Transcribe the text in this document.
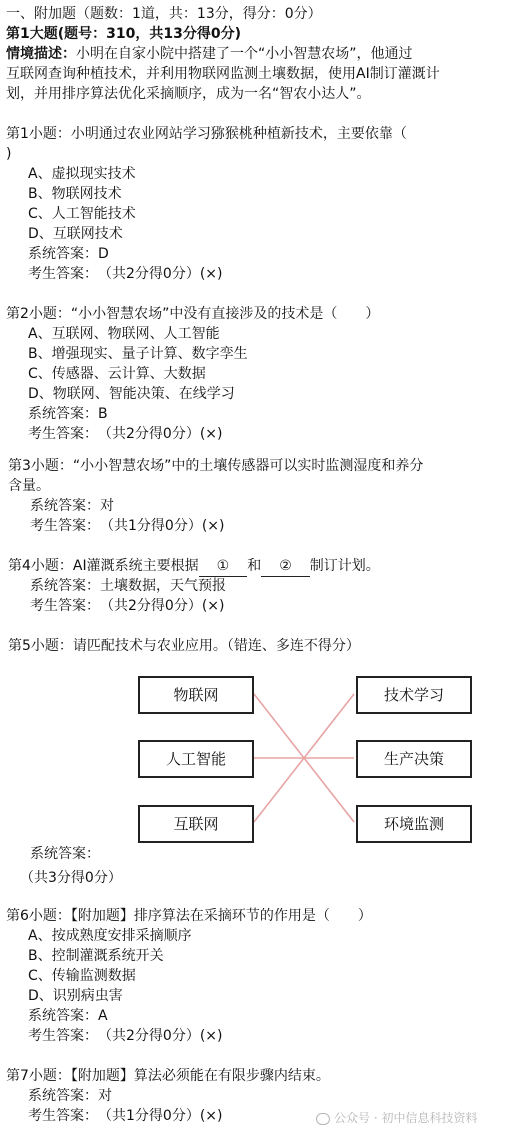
一、附加题（题数：1道，共：13分，得分：0分）
第1大题(题号：310，共13分得0分)
情境描述：小明在自家小院中搭建了一个“小小智慧农场”，他通过
互联网查询种植技术，并利用物联网监测土壤数据，使用AI制订灌溉计
划，并用排序算法优化采摘顺序，成为一名“智农小达人”。
第1小题：小明通过农业网站学习猕猴桃种植新技术，主要依靠（
)
A、虚拟现实技术
B、物联网技术
C、人工智能技术
D、互联网技术
系统答案：D
考生答案：　（共2分得0分）(×)
第2小题：“小小智慧农场”中没有直接涉及的技术是（　　）
A、互联网、物联网、人工智能
B、增强现实、量子计算、数字孪生
C、传感器、云计算、大数据
D、物联网、智能决策、在线学习
系统答案：B
考生答案：　（共2分得0分）(×)
第3小题：“小小智慧农场”中的土壤传感器可以实时监测湿度和养分
含量。
系统答案：对
考生答案：　（共1分得0分）(×)
第4小题：AI灌溉系统主要根据 ① 和 ② 制订计划。
系统答案：土壤数据，天气预报
考生答案：　（共2分得0分）(×)
第5小题：请匹配技术与农业应用。（错连、多连不得分）
物联网
人工智能
互联网
技术学习
生产决策
环境监测
系统答案：
（共3分得0分）
第6小题：【附加题】排序算法在采摘环节的作用是（　　）
A、按成熟度安排采摘顺序
B、控制灌溉系统开关
C、传输监测数据
D、识别病虫害
系统答案：A
考生答案：　（共2分得0分）(×)
第7小题：【附加题】算法必须能在有限步骤内结束。
系统答案：对
考生答案：　（共1分得0分）(×)	公众号 · 初中信息科技资料
